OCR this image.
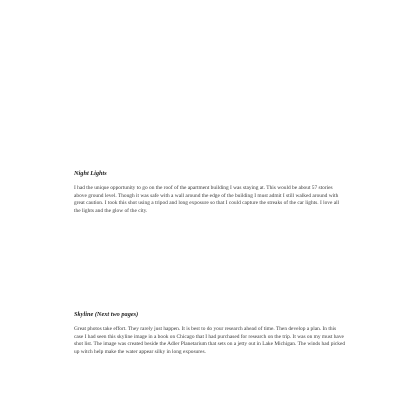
Night Lights

I had the unique opportunity to go on the roof of the apartment building I was staying at. This would be about 57 stories above ground level. Though it was safe with a wall around the edge of the building I must admit I still walked around with great caution. I took this shot using a tripod and long exposure so that I could capture the streaks of the car lights. I love all the lights and the glow of the city.

Skyline (Next two pages)

Great photos take effort. They rarely just happen. It is best to do your research ahead of time. Then develop a plan. In this case I had seen this skyline image in a book on Chicago that I had purchased for research on the trip. It was on my must have shot list. The image was created beside the Adler Planetarium that sets on a jetty out in Lake Michigan. The winds had picked up witch help make the water appear silky in long exposures.
